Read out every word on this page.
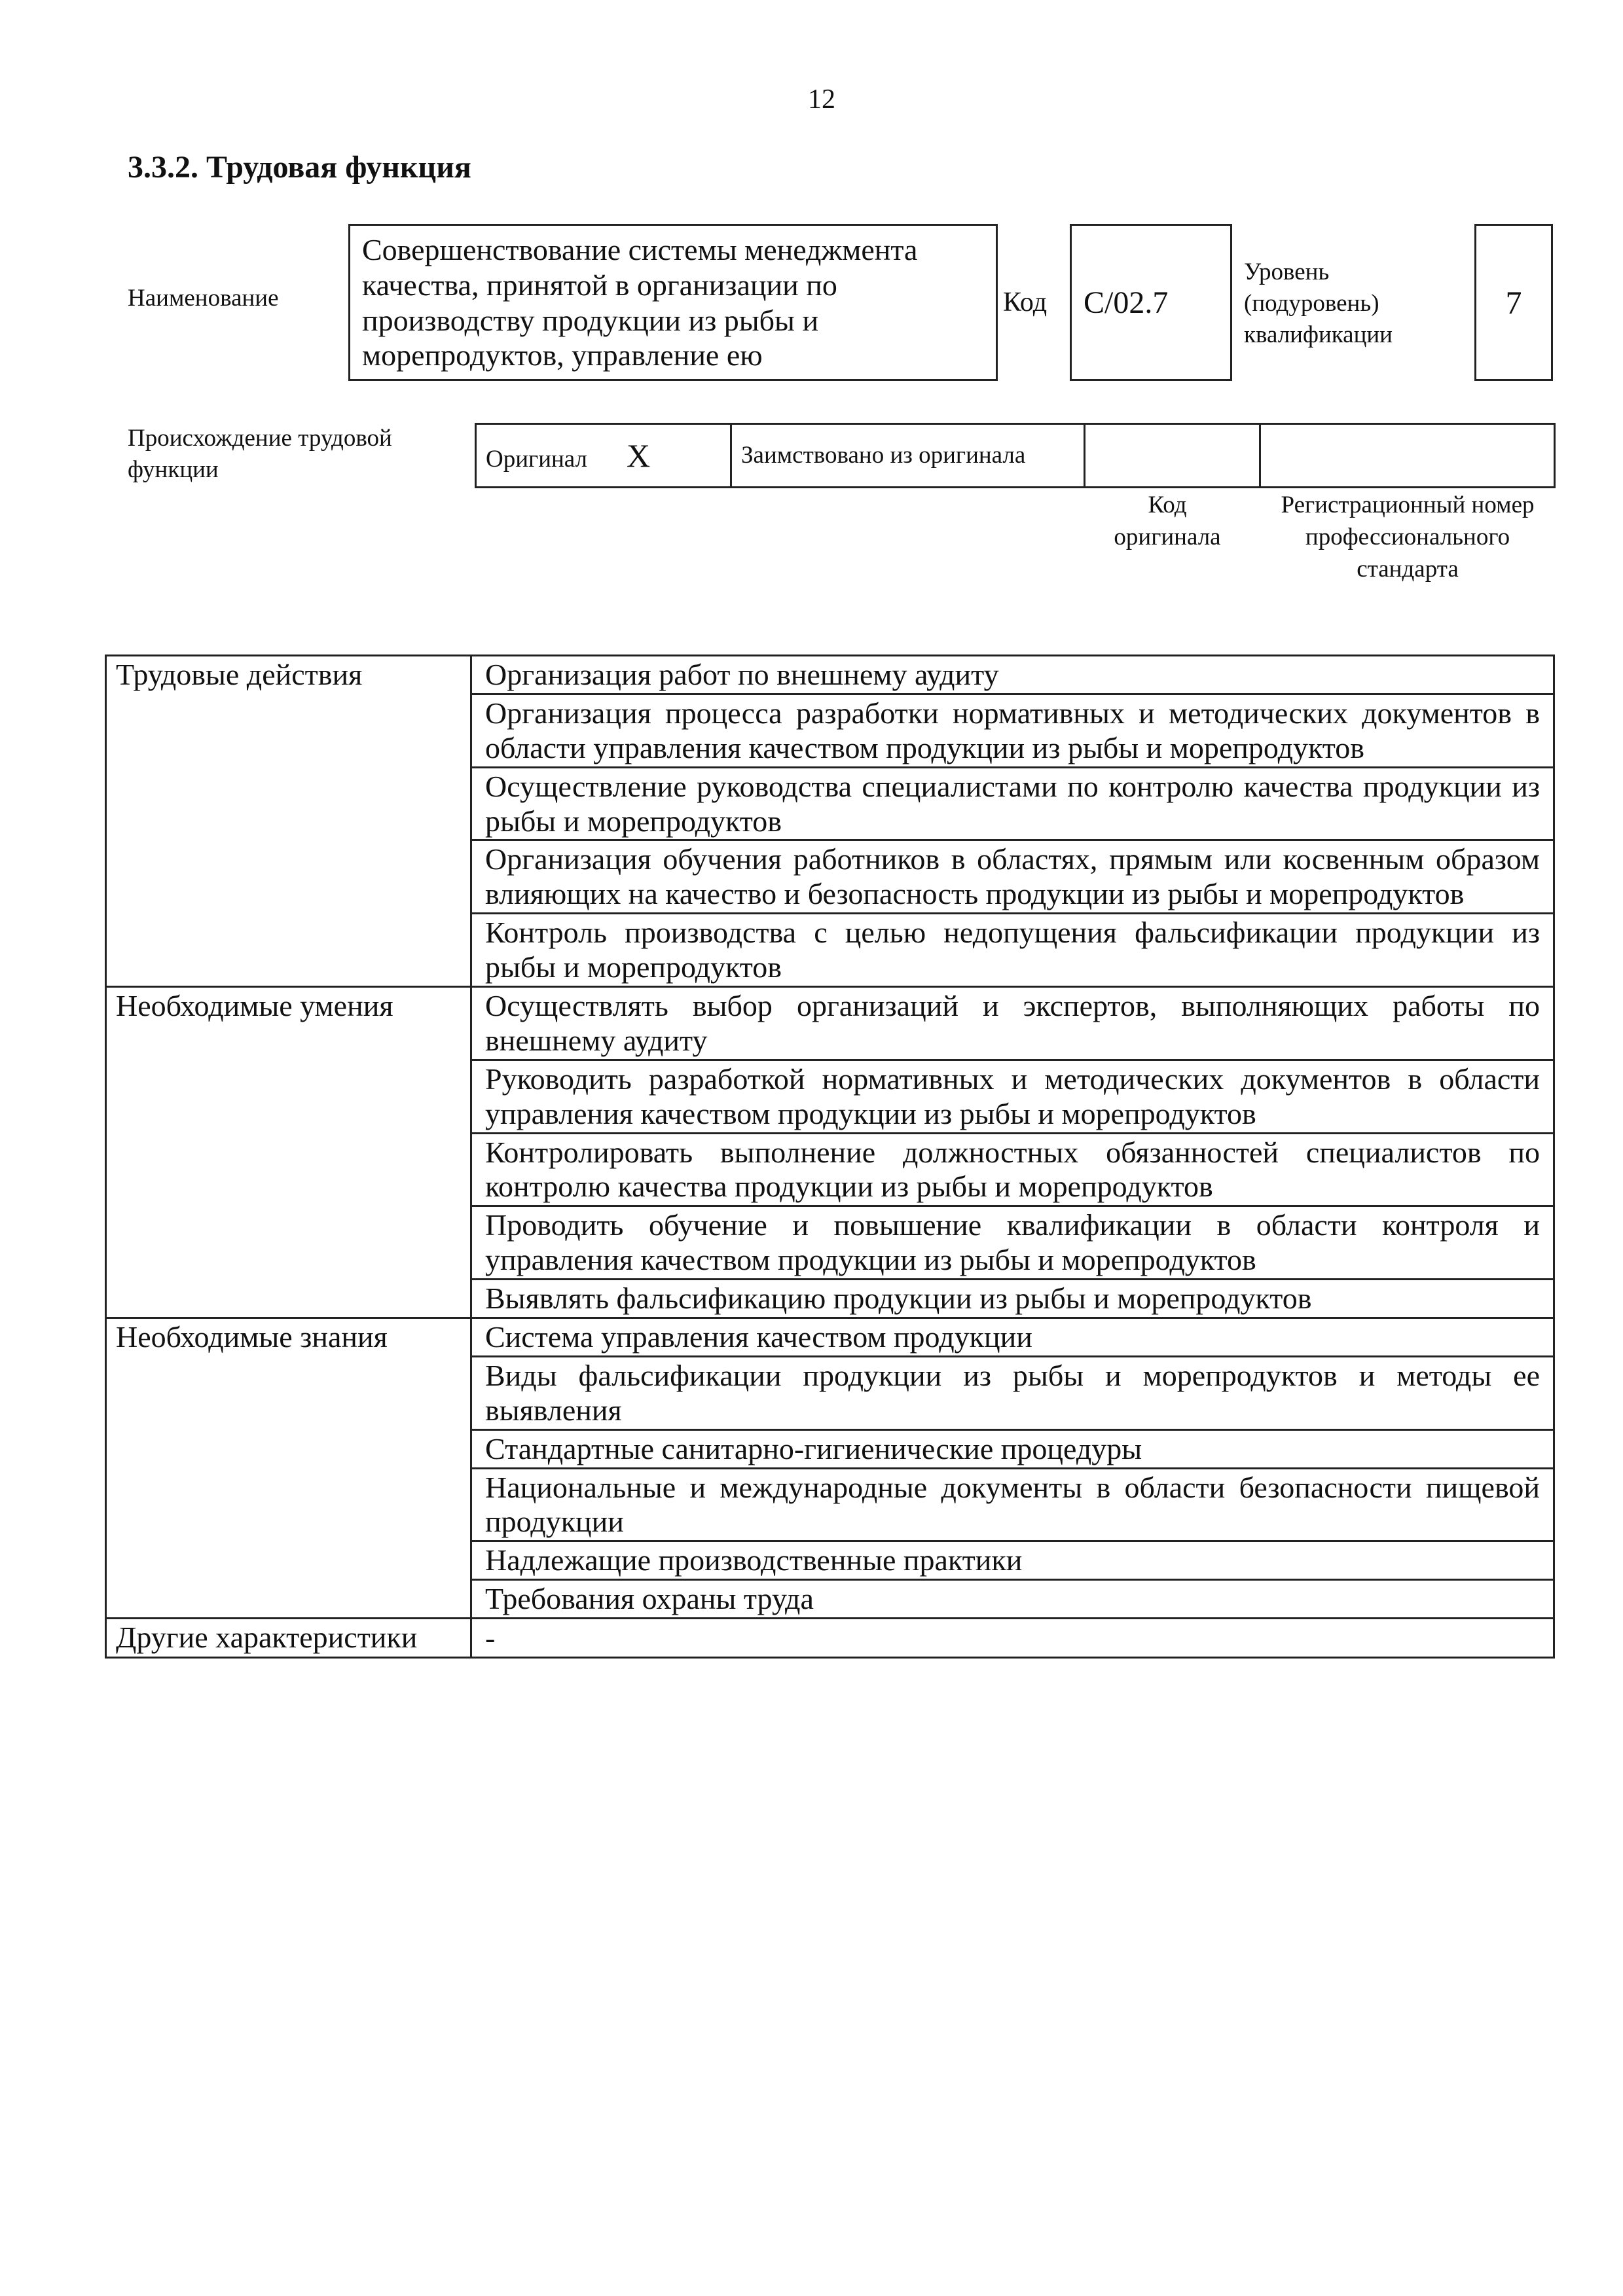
12
3.3.2. Трудовая функция
Наименование
Совершенствование системы менеджмента качества, принятой в организации по производству продукции из рыбы и морепродуктов, управление ею
Код	C/02.7
Уровень (подуровень) квалификации
7
Происхождение трудовой функции	Оригинал X	Заимствовано из оригинала		
Код оригинала
Регистрационный номер профессионального стандарта
Трудовые действия	Организация работ по внешнему аудиту
	Организация процесса разработки нормативных и методических документов в области управления качеством продукции из рыбы и морепродуктов
	Осуществление руководства специалистами по контролю качества продукции из рыбы и морепродуктов
	Организация обучения работников в областях, прямым или косвенным образом влияющих на качество и безопасность продукции из рыбы и морепродуктов
	Контроль производства с целью недопущения фальсификации продукции из рыбы и морепродуктов
Необходимые умения	Осуществлять выбор организаций и экспертов, выполняющих работы по внешнему аудиту
	Руководить разработкой нормативных и методических документов в области управления качеством продукции из рыбы и морепродуктов
	Контролировать выполнение должностных обязанностей специалистов по контролю качества продукции из рыбы и морепродуктов
	Проводить обучение и повышение квалификации в области контроля и управления качеством продукции из рыбы и морепродуктов
	Выявлять фальсификацию продукции из рыбы и морепродуктов
Необходимые знания	Система управления качеством продукции
	Виды фальсификации продукции из рыбы и морепродуктов и методы ее выявления
	Стандартные санитарно-гигиенические процедуры
	Национальные и международные документы в области безопасности пищевой продукции
	Надлежащие производственные практики
	Требования охраны труда
Другие характеристики	-
